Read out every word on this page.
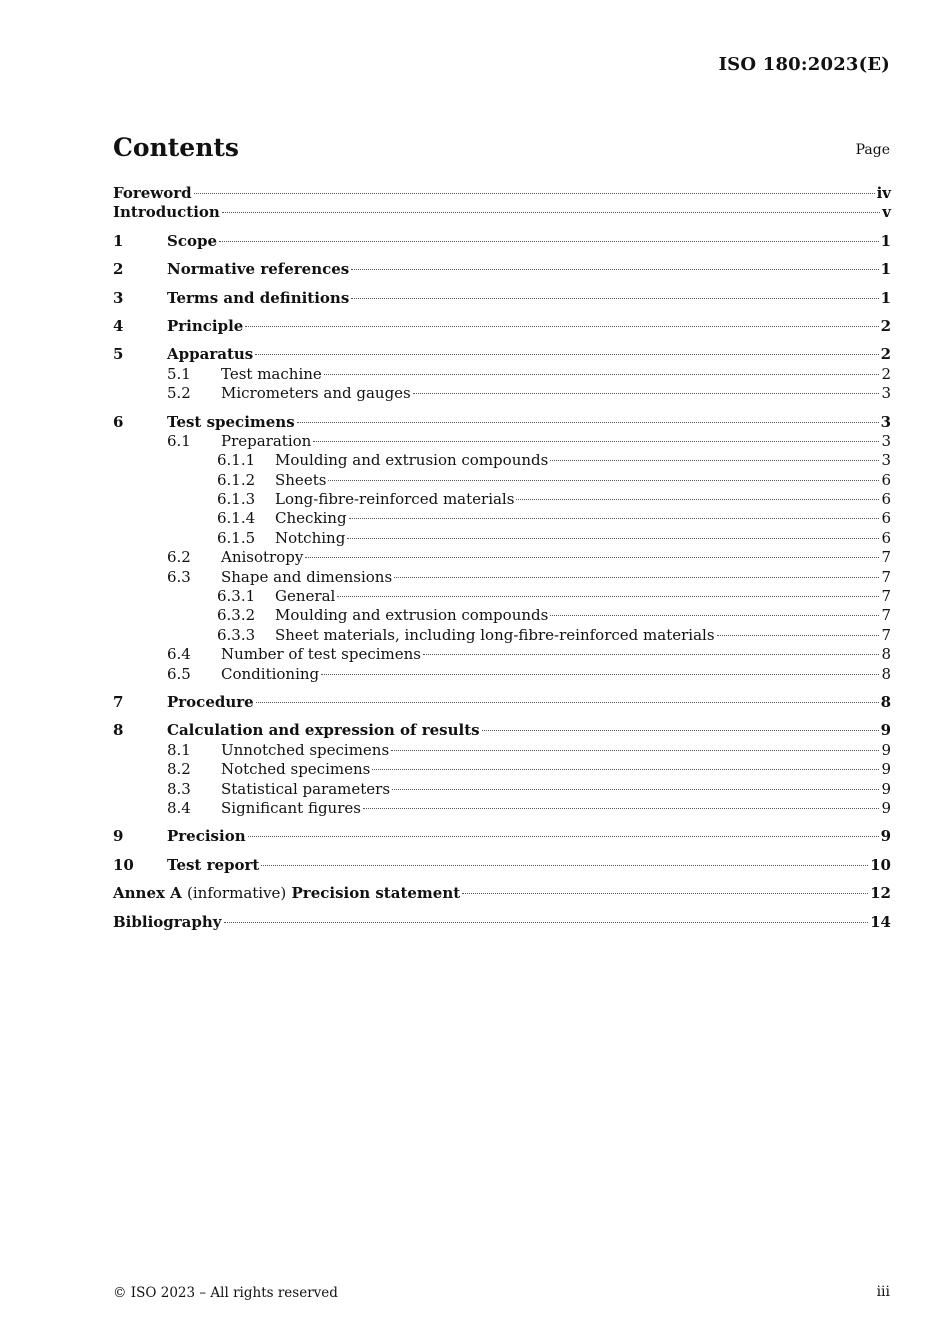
ISO 180:2023(E)
Contents	Page
Foreword	iv
Introduction	v
1	Scope	1
2	Normative references	1
3	Terms and definitions	1
4	Principle	2
5	Apparatus	2
5.1	Test machine	2
5.2	Micrometers and gauges	3
6	Test specimens	3
6.1	Preparation	3
6.1.1	Moulding and extrusion compounds	3
6.1.2	Sheets	6
6.1.3	Long-fibre-reinforced materials	6
6.1.4	Checking	6
6.1.5	Notching	6
6.2	Anisotropy	7
6.3	Shape and dimensions	7
6.3.1	General	7
6.3.2	Moulding and extrusion compounds	7
6.3.3	Sheet materials, including long-fibre-reinforced materials	7
6.4	Number of test specimens	8
6.5	Conditioning	8
7	Procedure	8
8	Calculation and expression of results	9
8.1	Unnotched specimens	9
8.2	Notched specimens	9
8.3	Statistical parameters	9
8.4	Significant figures	9
9	Precision	9
10	Test report	10
Annex A (informative) Precision statement	12
Bibliography	14
© ISO 2023 – All rights reserved	iii
